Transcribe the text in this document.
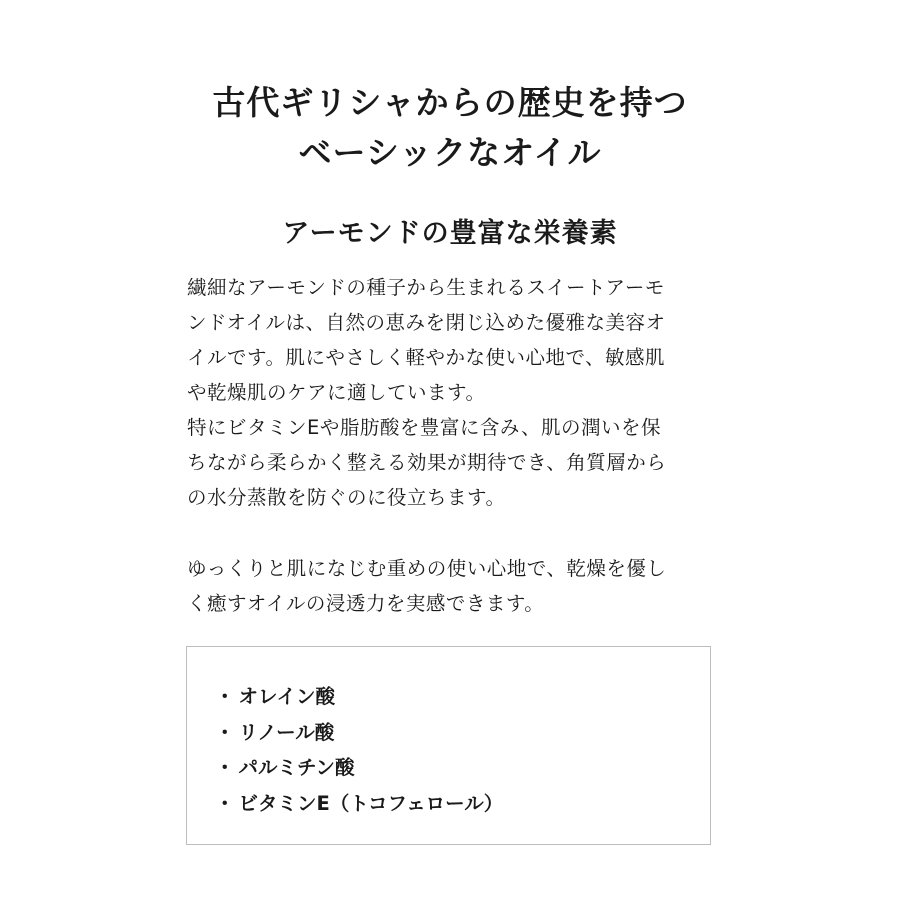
古代ギリシャからの歴史を持つ
ベーシックなオイル
アーモンドの豊富な栄養素
繊細なアーモンドの種子から生まれるスイートアーモ
ンドオイルは、自然の恵みを閉じ込めた優雅な美容オ
イルです。肌にやさしく軽やかな使い心地で、敏感肌
や乾燥肌のケアに適しています。
特にビタミンEや脂肪酸を豊富に含み、肌の潤いを保
ちながら柔らかく整える効果が期待でき、角質層から
の水分蒸散を防ぐのに役立ちます。
ゆっくりと肌になじむ重めの使い心地で、乾燥を優し
く癒すオイルの浸透力を実感できます。
・ オレイン酸
・ リノール酸
・ パルミチン酸
・ ビタミンE（トコフェロール）
